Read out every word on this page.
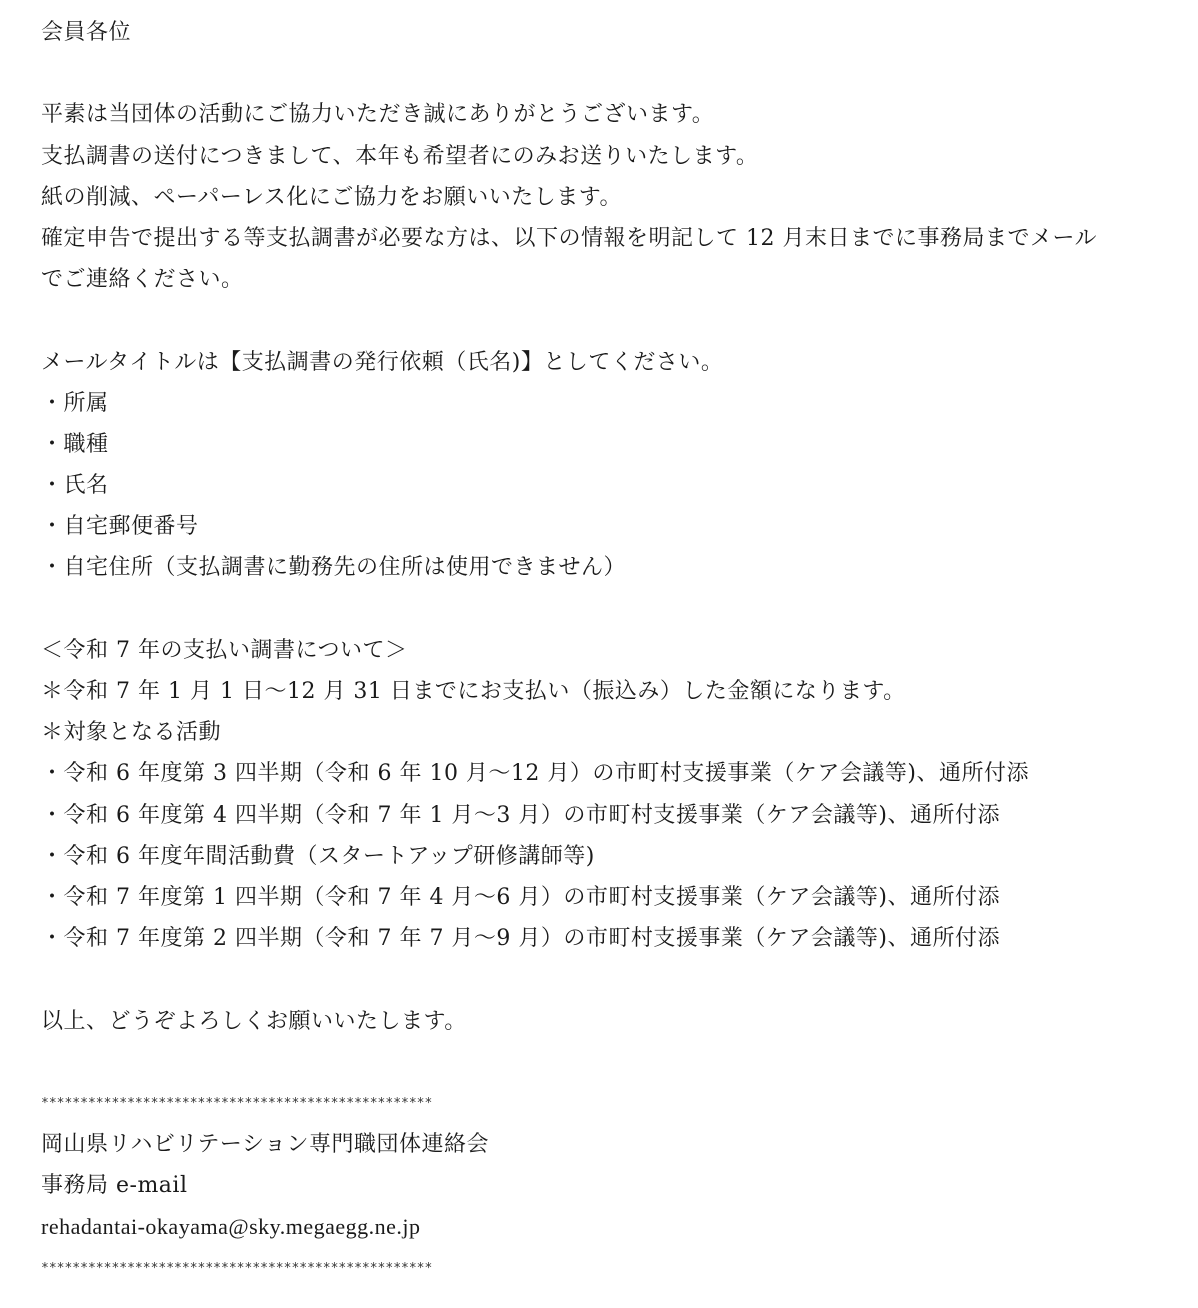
会員各位
平素は当団体の活動にご協力いただき誠にありがとうございます。
支払調書の送付につきまして、本年も希望者にのみお送りいたします。
紙の削減、ペーパーレス化にご協力をお願いいたします。
確定申告で提出する等支払調書が必要な方は、以下の情報を明記して 12 月末日までに事務局までメール
でご連絡ください。
メールタイトルは【支払調書の発行依頼（氏名)】としてください。
・所属
・職種
・氏名
・自宅郵便番号
・自宅住所（支払調書に勤務先の住所は使用できません）
＜令和 7 年の支払い調書について＞
＊令和 7 年 1 月 1 日～12 月 31 日までにお支払い（振込み）した金額になります。
＊対象となる活動
・令和 6 年度第 3 四半期（令和 6 年 10 月～12 月）の市町村支援事業（ケア会議等)、通所付添
・令和 6 年度第 4 四半期（令和 7 年 1 月～3 月）の市町村支援事業（ケア会議等)、通所付添
・令和 6 年度年間活動費（スタートアップ研修講師等)
・令和 7 年度第 1 四半期（令和 7 年 4 月～6 月）の市町村支援事業（ケア会議等)、通所付添
・令和 7 年度第 2 四半期（令和 7 年 7 月～9 月）の市町村支援事業（ケア会議等)、通所付添
以上、どうぞよろしくお願いいたします。
**************************************************
岡山県リハビリテーション専門職団体連絡会
事務局 e-mail
rehadantai-okayama@sky.megaegg.ne.jp
**************************************************
